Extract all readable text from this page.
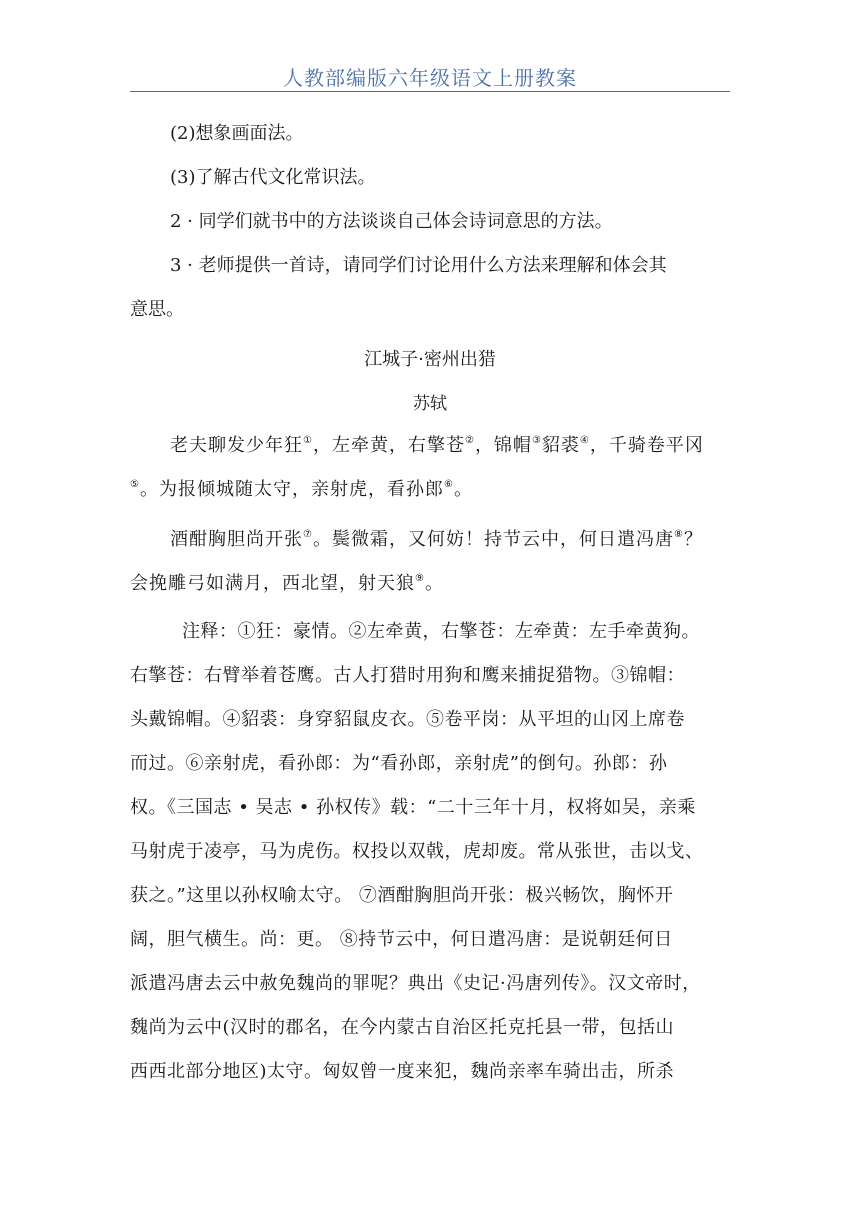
人教部编版六年级语文上册教案

(2)想象画面法。

(3)了解古代文化常识法。

2 · 同学们就书中的方法谈谈自己体会诗词意思的方法。

3 · 老师提供一首诗，请同学们讨论用什么方法来理解和体会其
意思。

江城子·密州出猎
苏轼
老夫聊发少年狂①，左牵黄，右擎苍②，锦帽③貂裘④，千骑卷平冈
⑤。为报倾城随太守，亲射虎，看孙郎⑥。
酒酣胸胆尚开张⑦。鬓微霜，又何妨！持节云中，何日遣冯唐⑧？
会挽雕弓如满月，西北望，射天狼⑨。
注释：①狂：豪情。②左牵黄，右擎苍：左牵黄：左手牵黄狗。
右擎苍：右臂举着苍鹰。古人打猎时用狗和鹰来捕捉猎物。③锦帽：
头戴锦帽。④貂裘：身穿貂鼠皮衣。⑤卷平岗：从平坦的山冈上席卷
而过。⑥亲射虎，看孙郎：为“看孙郎，亲射虎”的倒句。孙郎：孙
权。《三国志 • 吴志 • 孙权传》载：“二十三年十月，权将如吴，亲乘
马射虎于凌亭，马为虎伤。权投以双戟，虎却废。常从张世，击以戈、
获之。”这里以孙权喻太守。 ⑦酒酣胸胆尚开张：极兴畅饮，胸怀开
阔，胆气横生。尚：更。 ⑧持节云中，何日遣冯唐：是说朝廷何日
派遣冯唐去云中赦免魏尚的罪呢？典出《史记·冯唐列传》。汉文帝时，
魏尚为云中(汉时的郡名，在今内蒙古自治区托克托县一带，包括山
西西北部分地区)太守。匈奴曾一度来犯，魏尚亲率车骑出击，所杀
